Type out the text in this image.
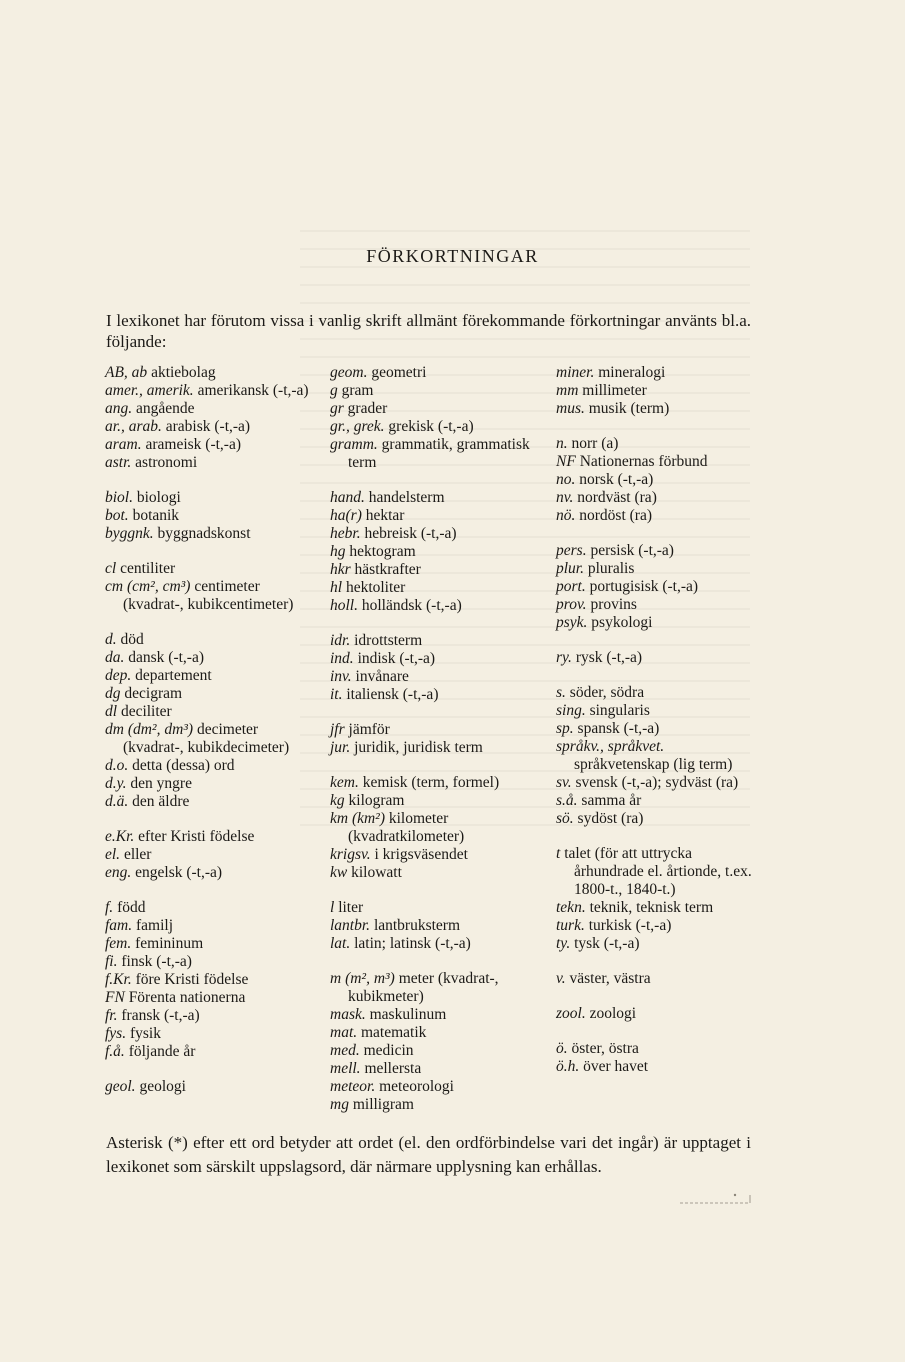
FÖRKORTNINGAR
I lexikonet har förutom vissa i vanlig skrift allmänt förekommande förkortningar använts bl.a. följande:
AB, ab aktiebolag
amer., amerik. amerikansk (-t,-a)
ang. angående
ar., arab. arabisk (-t,-a)
aram. arameisk (-t,-a)
astr. astronomi
biol. biologi
bot. botanik
byggnk. byggnadskonst
cl centiliter
cm (cm², cm³) centimeter (kvadrat-, kubikcentimeter)
d. död
da. dansk (-t,-a)
dep. departement
dg decigram
dl deciliter
dm (dm², dm³) decimeter (kvadrat-, kubikdecimeter)
d.o. detta (dessa) ord
d.y. den yngre
d.ä. den äldre
e.Kr. efter Kristi födelse
el. eller
eng. engelsk (-t,-a)
f. född
fam. familj
fem. femininum
fi. finsk (-t,-a)
f.Kr. före Kristi födelse
FN Förenta nationerna
fr. fransk (-t,-a)
fys. fysik
f.å. följande år
geol. geologi
geom. geometri
g gram
gr grader
gr., grek. grekisk (-t,-a)
gramm. grammatik, grammatisk term
hand. handelsterm
ha(r) hektar
hebr. hebreisk (-t,-a)
hg hektogram
hkr hästkrafter
hl hektoliter
holl. holländsk (-t,-a)
idr. idrottsterm
ind. indisk (-t,-a)
inv. invånare
it. italiensk (-t,-a)
jfr jämför
jur. juridik, juridisk term
kem. kemisk (term, formel)
kg kilogram
km (km²) kilometer (kvadratkilometer)
krigsv. i krigsväsendet
kw kilowatt
l liter
lantbr. lantbruksterm
lat. latin; latinsk (-t,-a)
m (m², m³) meter (kvadrat-, kubikmeter)
mask. maskulinum
mat. matematik
med. medicin
mell. mellersta
meteor. meteorologi
mg milligram
miner. mineralogi
mm millimeter
mus. musik (term)
n. norr (a)
NF Nationernas förbund
no. norsk (-t,-a)
nv. nordväst (ra)
nö. nordöst (ra)
pers. persisk (-t,-a)
plur. pluralis
port. portugisisk (-t,-a)
prov. provins
psyk. psykologi
ry. rysk (-t,-a)
s. söder, södra
sing. singularis
sp. spansk (-t,-a)
språkv., språkvet. språkvetenskap (lig term)
sv. svensk (-t,-a); sydväst (ra)
s.å. samma år
sö. sydöst (ra)
t talet (för att uttrycka århundrade el. årtionde, t.ex. 1800-t., 1840-t.)
tekn. teknik, teknisk term
turk. turkisk (-t,-a)
ty. tysk (-t,-a)
v. väster, västra
zool. zoologi
ö. öster, östra
ö.h. över havet
Asterisk (*) efter ett ord betyder att ordet (el. den ordförbindelse vari det ingår) är upptaget i lexikonet som särskilt uppslagsord, där närmare upplysning kan erhållas.
